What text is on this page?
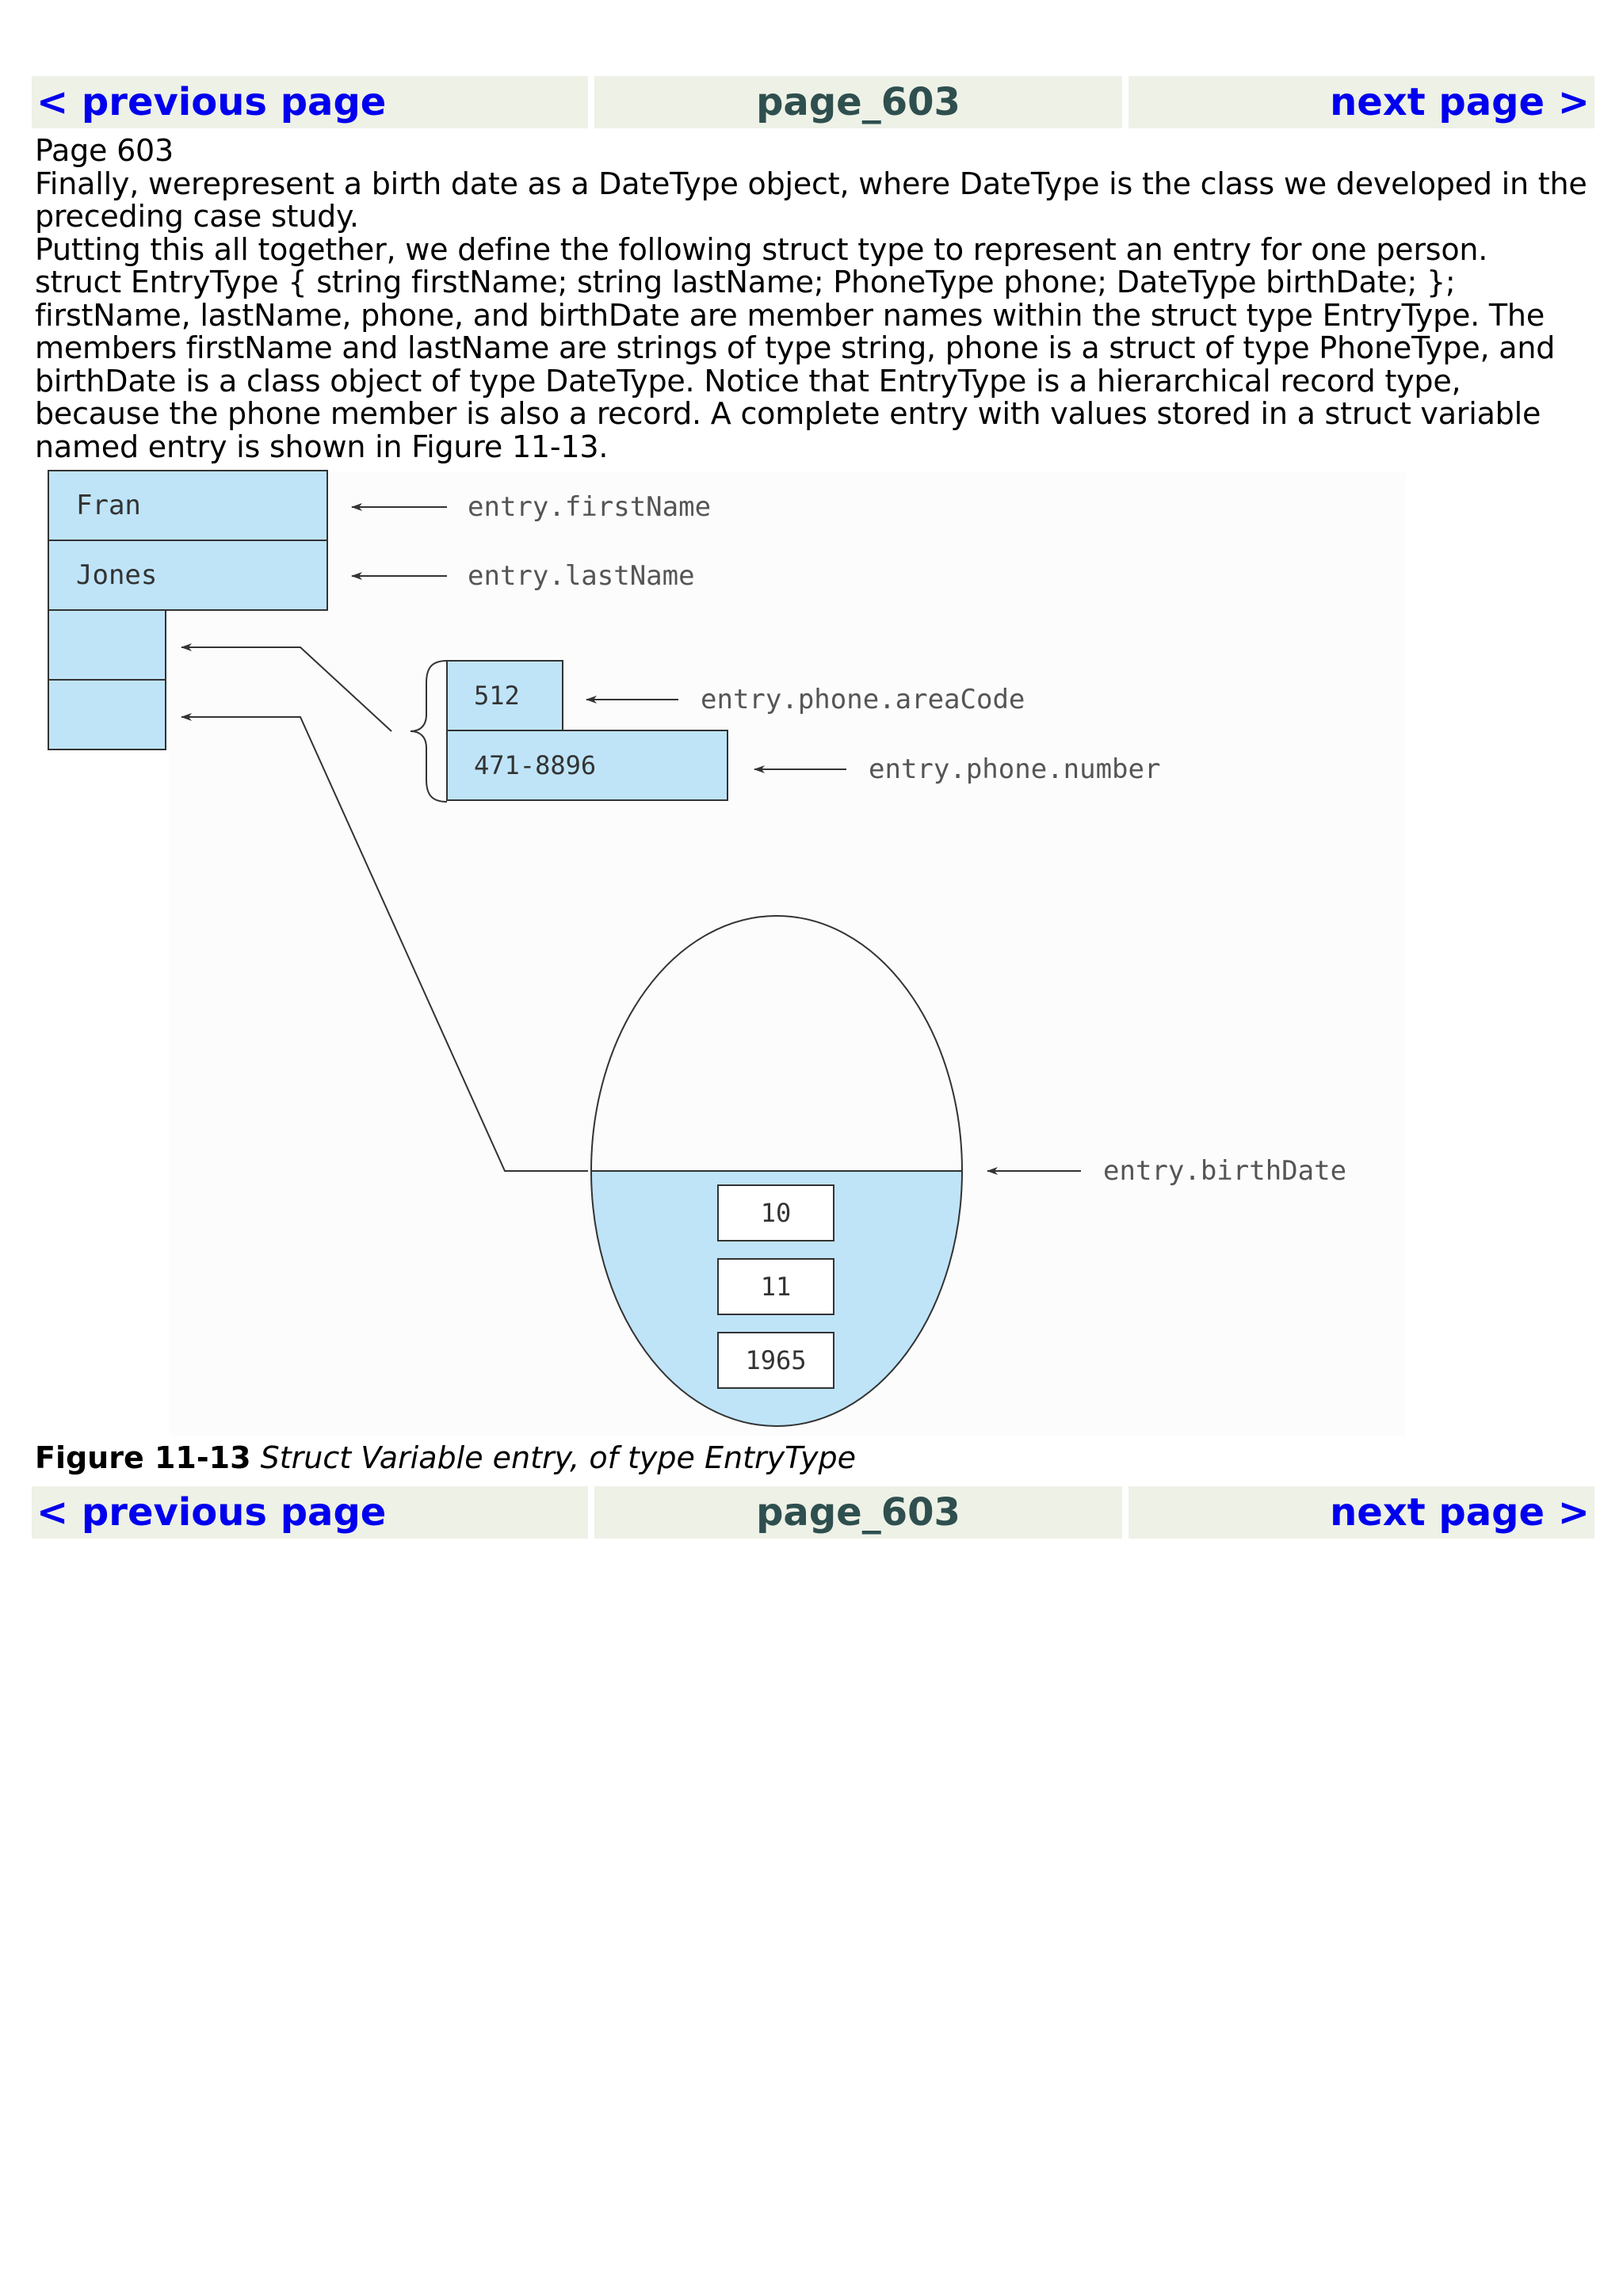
< previous page	page_603	next page >

Page 603

Finally, werepresent a birth date as a DateType object, where DateType is the class we developed in the preceding case study.

Putting this all together, we define the following struct type to represent an entry for one person.

struct EntryType { string firstName; string lastName; PhoneType phone; DateType birthDate; };

firstName, lastName, phone, and birthDate are member names within the struct type EntryType. The members firstName and lastName are strings of type string, phone is a struct of type PhoneType, and birthDate is a class object of type DateType. Notice that EntryType is a hierarchical record type, because the phone member is also a record. A complete entry with values stored in a struct variable named entry is shown in Figure 11-13.

Fran
Jones
entry.firstName
entry.lastName
512
471-8896
entry.phone.areaCode
entry.phone.number
10
11
1965
entry.birthDate
Figure 11-13 Struct Variable entry, of type EntryType
< previous page	page_603	next page >
